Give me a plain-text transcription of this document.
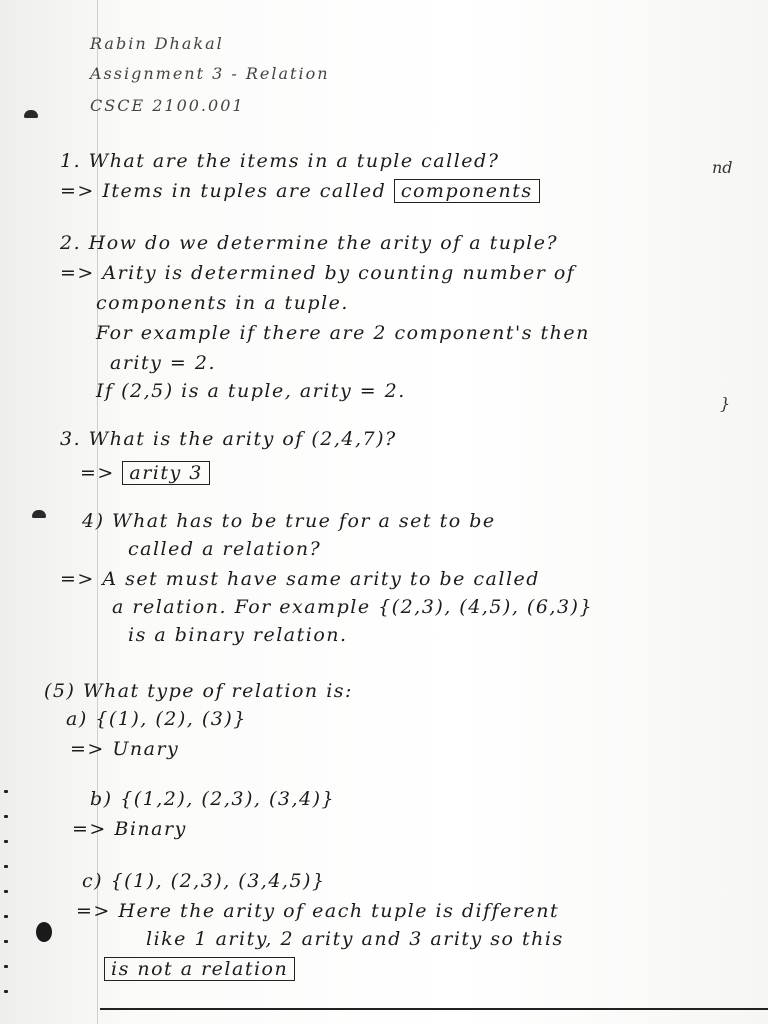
Rabin Dhakal
Assignment 3 - Relation
CSCE 2100.001
1. What are the items in a tuple called?
=> Items in tuples are called components
2. How do we determine the arity of a tuple?
=> Arity is determined by counting number of
components in a tuple.
For example if there are 2 component's then
arity = 2.
If (2,5) is a tuple, arity = 2.
3. What is the arity of (2,4,7)?
=> arity 3
4) What has to be true for a set to be
called a relation?
=> A set must have same arity to be called
a relation. For example {(2,3), (4,5), (6,3)}
is a binary relation.
(5) What type of relation is:
a) {(1), (2), (3)}
=> Unary
b) {(1,2), (2,3), (3,4)}
=> Binary
c) {(1), (2,3), (3,4,5)}
=> Here the arity of each tuple is different
like 1 arity, 2 arity and 3 arity so this
is not a relation
nd
}
